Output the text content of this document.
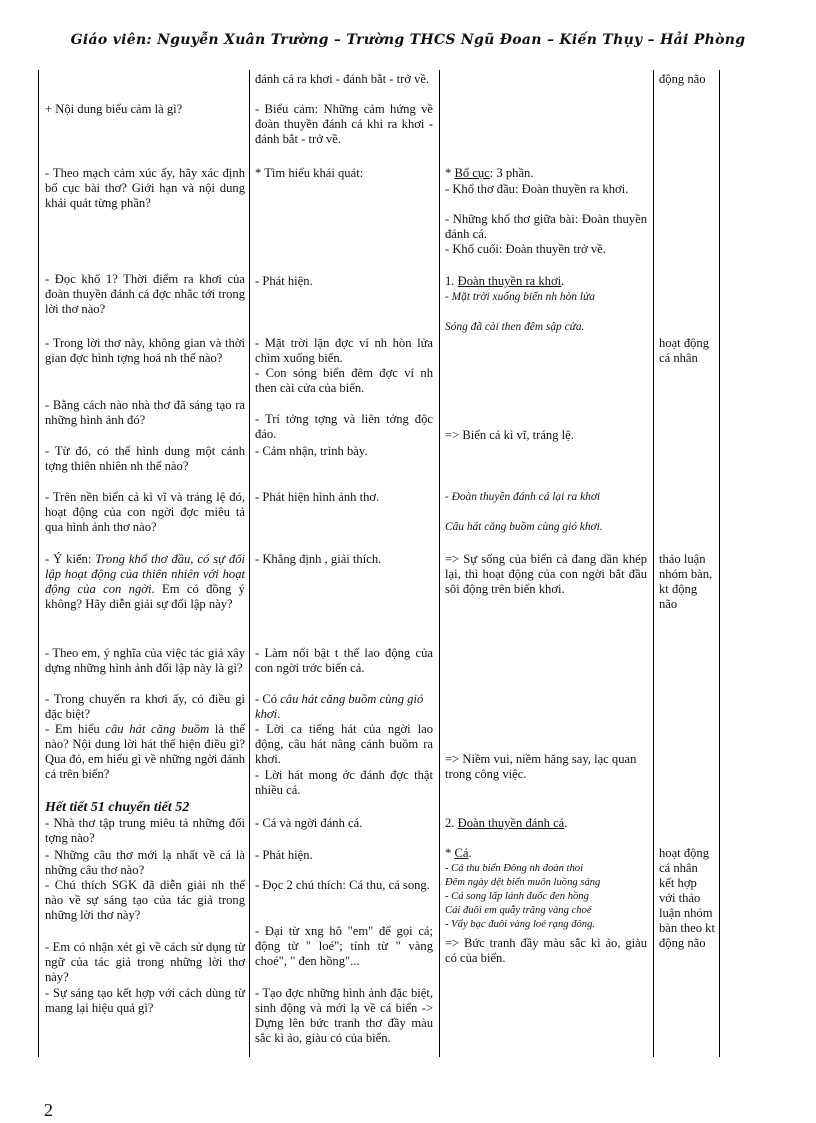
Giáo viên: Nguyễn Xuân Trường – Trường THCS Ngũ Đoan – Kiến Thụy – Hải Phòng
+ Nội dung biểu cảm là gì?
- Theo mạch cảm xúc ấy, hãy xác định bố cục bài thơ? Giới hạn và nội dung khái quát từng phần?
- Đọc khổ 1? Thời điểm ra khơi của đoàn thuyền đánh cá đợc nhắc tới trong lời thơ nào?
- Trong lời thơ này, không gian và thời gian đợc hình tợng hoá nh thế nào?
- Bằng cách nào nhà thơ đã sáng tạo ra những hình ảnh đó?
- Từ đó, có thể hình dung một cảnh tợng thiên nhiên nh thế nào?
- Trên nền biển cả kì vĩ và tráng lệ đó, hoạt động của con ngời đợc miêu tả qua hình ảnh thơ nào?
- Ý kiến: Trong khổ thơ đầu, có sự đối lập hoạt động của thiên nhiên với hoạt động của con ngời. Em có đồng ý không? Hãy diễn giải sự đối lập này?
- Theo em, ý nghĩa của việc tác giả xây dựng những hình ảnh đối lập này là gì?
- Trong chuyến ra khơi ấy, có điều gì đặc biệt?
- Em hiểu câu hát căng buồm là thế nào? Nội dung lời hát thể hiện điều gì? Qua đó, em hiểu gì về những ngời đánh cá trên biển?
Hết tiết 51 chuyển tiết 52
- Nhà thơ tập trung miêu tả những đối tợng nào?
- Những câu thơ mới lạ nhất về cá là những câu thơ nào?
- Chú thích SGK đã diễn giải nh thế nào về sự sáng tạo của tác giả trong những lời thơ này?
- Em có nhận xét gì về cách sử dụng từ ngữ của tác giả trong những lời thơ này?
- Sự sáng tạo kết hợp với cách dùng từ mang lại hiệu quả gì?
đánh cá ra khơi - đánh bắt - trở về.
- Biểu cảm: Những cảm hứng về đoàn thuyền đánh cá khi ra khơi - đánh bắt - trở về.
* Tìm hiểu khái quát:
- Phát hiện.
- Mặt trời lặn đợc ví nh hòn lửa chìm xuống biển.
- Con sóng biển đêm đợc ví nh then cài cửa của biển.
- Trí tởng tợng và liên tởng độc đáo.
- Cảm nhận, trình bày.
- Phát hiện hình ảnh thơ.
- Khẳng định , giải thích.
- Làm nổi bật t thế lao động của con ngời trớc biển cả.
- Có câu hát căng buồm cùng gió khơi.
- Lời ca tiếng hát của ngời lao động, câu hát nâng cánh buồm ra khơi.
- Lời hát mong ớc đánh đợc thật nhiều cá.
- Cá và ngời đánh cá.
- Phát hiện.
- Đọc 2 chú thích: Cá thu, cá song.
- Đại từ xng hô "em" để gọi cá; động từ " loé"; tính từ " vàng choé", " đen hồng"...
- Tạo đợc những hình ảnh đặc biệt, sinh động và mới lạ về cá biển -> Dựng lên bức tranh thơ đầy màu sắc kì ảo, giàu có của biển.
* Bố cục: 3 phần.
- Khổ thơ đầu: Đoàn thuyền ra khơi.
- Những khổ thơ giữa bài: Đoàn thuyền đánh cá.
- Khổ cuối: Đoàn thuyền trở về.
1. Đoàn thuyền ra khơi.
- Mặt trời xuống biển nh hòn lửa
Sóng đã cài then đêm sập cửa.
=> Biển cả kì vĩ, tráng lệ.
- Đoàn thuyền đánh cá lại ra khơi
Câu hát căng buồm cùng gió khơi.
=> Sự sống của biển cả đang dần khép lại, thì hoạt động của con ngời bắt đầu sôi động trên biển khơi.
=> Niềm vui, niềm hăng say, lạc quan trong công việc.
2. Đoàn thuyền đánh cá.
* Cá.
- Cá thu biển Đông nh đoàn thoi
Đêm ngày dệt biển muôn luồng sáng
- Cá song lấp lánh đuốc đen hồng
Cái đuôi em quẫy trăng vàng choé
- Vẩy bạc đuôi vàng loé rạng đông.
=> Bức tranh đầy màu sắc kì ảo, giàu có của biển.
động não
hoạt động cá nhân
thảo luận nhóm bàn, kt động não
hoạt động cá nhân kết hợp với thảo luận nhóm bàn theo kt động não
2
